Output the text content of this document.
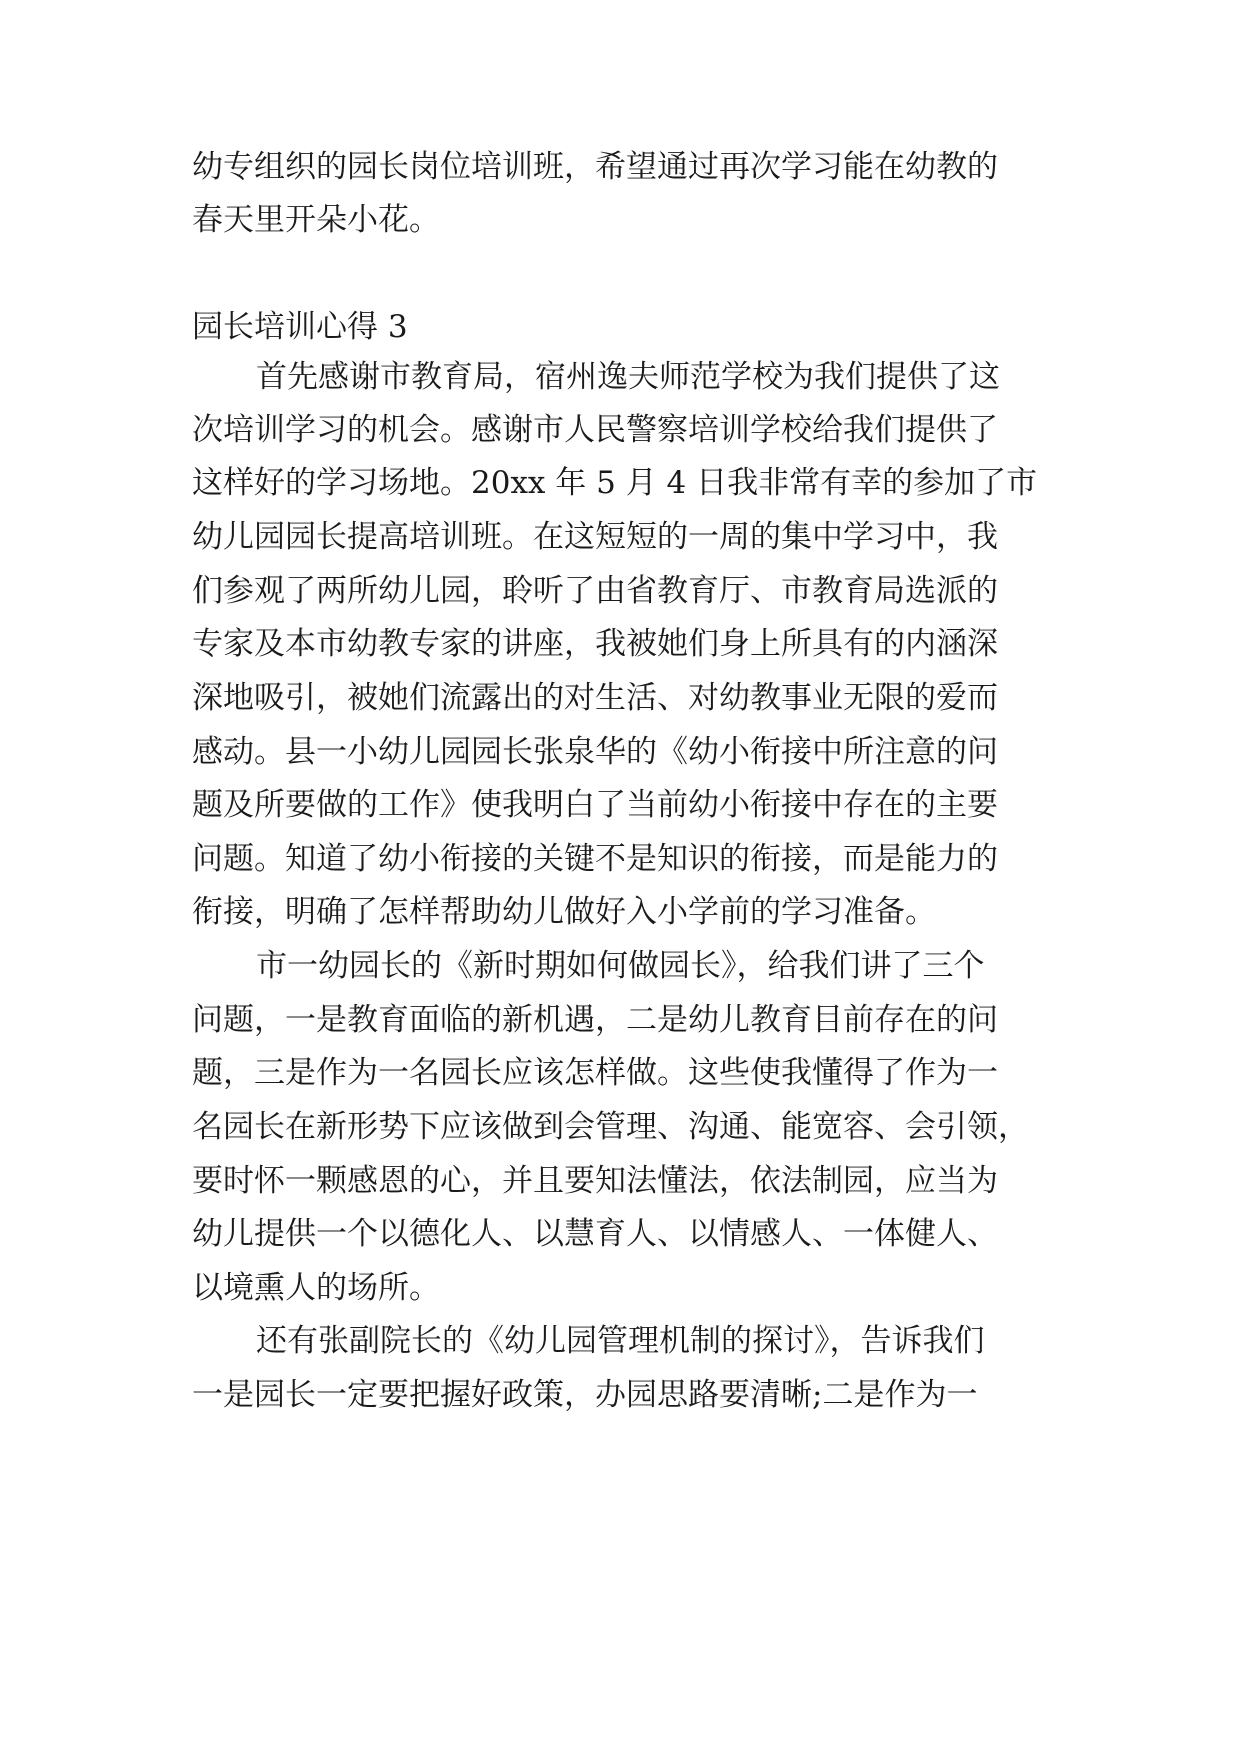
幼专组织的园长岗位培训班，希望通过再次学习能在幼教的
春天里开朵小花。
园长培训心得 3
首先感谢市教育局，宿州逸夫师范学校为我们提供了这
次培训学习的机会。感谢市人民警察培训学校给我们提供了
这样好的学习场地。20xx 年 5 月 4 日我非常有幸的参加了市
幼儿园园长提高培训班。在这短短的一周的集中学习中，我
们参观了两所幼儿园，聆听了由省教育厅、市教育局选派的
专家及本市幼教专家的讲座，我被她们身上所具有的内涵深
深地吸引，被她们流露出的对生活、对幼教事业无限的爱而
感动。县一小幼儿园园长张泉华的《幼小衔接中所注意的问
题及所要做的工作》使我明白了当前幼小衔接中存在的主要
问题。知道了幼小衔接的关键不是知识的衔接，而是能力的
衔接，明确了怎样帮助幼儿做好入小学前的学习准备。
市一幼园长的《新时期如何做园长》，给我们讲了三个
问题，一是教育面临的新机遇，二是幼儿教育目前存在的问
题，三是作为一名园长应该怎样做。这些使我懂得了作为一
名园长在新形势下应该做到会管理、沟通、能宽容、会引领，
要时怀一颗感恩的心，并且要知法懂法，依法制园，应当为
幼儿提供一个以德化人、以慧育人、以情感人、一体健人、
以境熏人的场所。
还有张副院长的《幼儿园管理机制的探讨》，告诉我们
一是园长一定要把握好政策，办园思路要清晰;二是作为一
